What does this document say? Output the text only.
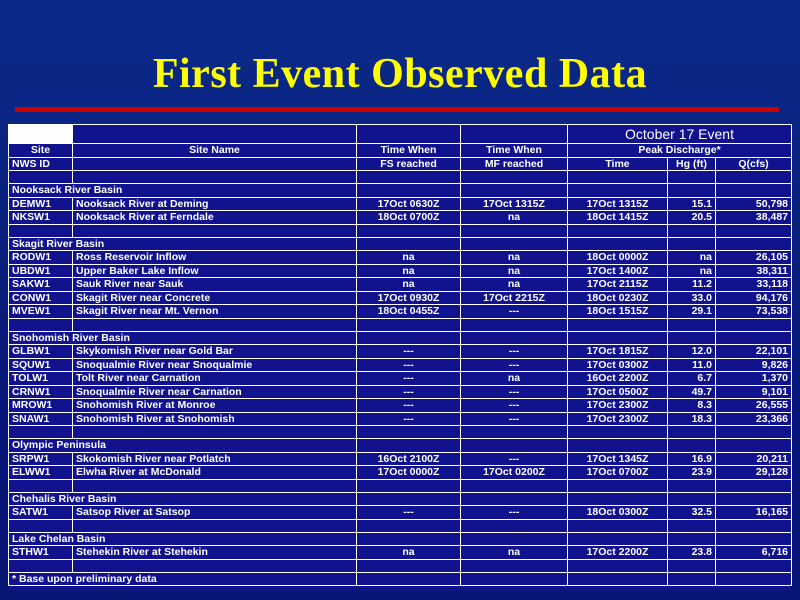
First Event Observed Data
				October 17 Event		
Site	Site Name	Time When	Time When	Peak Discharge*		
NWS ID		FS reached	MF reached	Time	Hg (ft)	Q(cfs)

Nooksack River Basin						
DEMW1	Nooksack River at Deming	17Oct 0630Z	17Oct 1315Z	17Oct 1315Z	15.1	50,798
NKSW1	Nooksack River at Ferndale	18Oct 0700Z	na	18Oct 1415Z	20.5	38,487

Skagit River Basin						
RODW1	Ross Reservoir Inflow	na	na	18Oct 0000Z	na	26,105
UBDW1	Upper Baker Lake Inflow	na	na	17Oct 1400Z	na	38,311
SAKW1	Sauk River near Sauk	na	na	17Oct 2115Z	11.2	33,118
CONW1	Skagit River near Concrete	17Oct 0930Z	17Oct 2215Z	18Oct 0230Z	33.0	94,176
MVEW1	Skagit River near Mt. Vernon	18Oct 0455Z	---	18Oct 1515Z	29.1	73,538

Snohomish River Basin						
GLBW1	Skykomish River near Gold Bar	---	---	17Oct 1815Z	12.0	22,101
SQUW1	Snoqualmie River near Snoqualmie	---	---	17Oct 0300Z	11.0	9,826
TOLW1	Tolt River near Carnation	---	na	16Oct 2200Z	6.7	1,370
CRNW1	Snoqualmie River near Carnation	---	---	17Oct 0500Z	49.7	9,101
MROW1	Snohomish River at Monroe	---	---	17Oct 2300Z	8.3	26,555
SNAW1	Snohomish River at Snohomish	---	---	17Oct 2300Z	18.3	23,366

Olympic Peninsula						
SRPW1	Skokomish River near Potlatch	16Oct 2100Z	---	17Oct 1345Z	16.9	20,211
ELWW1	Elwha River at McDonald	17Oct 0000Z	17Oct 0200Z	17Oct 0700Z	23.9	29,128

Chehalis River Basin						
SATW1	Satsop River at Satsop	---	---	18Oct 0300Z	32.5	16,165

Lake Chelan Basin						
STHW1	Stehekin River at Stehekin	na	na	17Oct 2200Z	23.8	6,716

* Base upon preliminary data						
